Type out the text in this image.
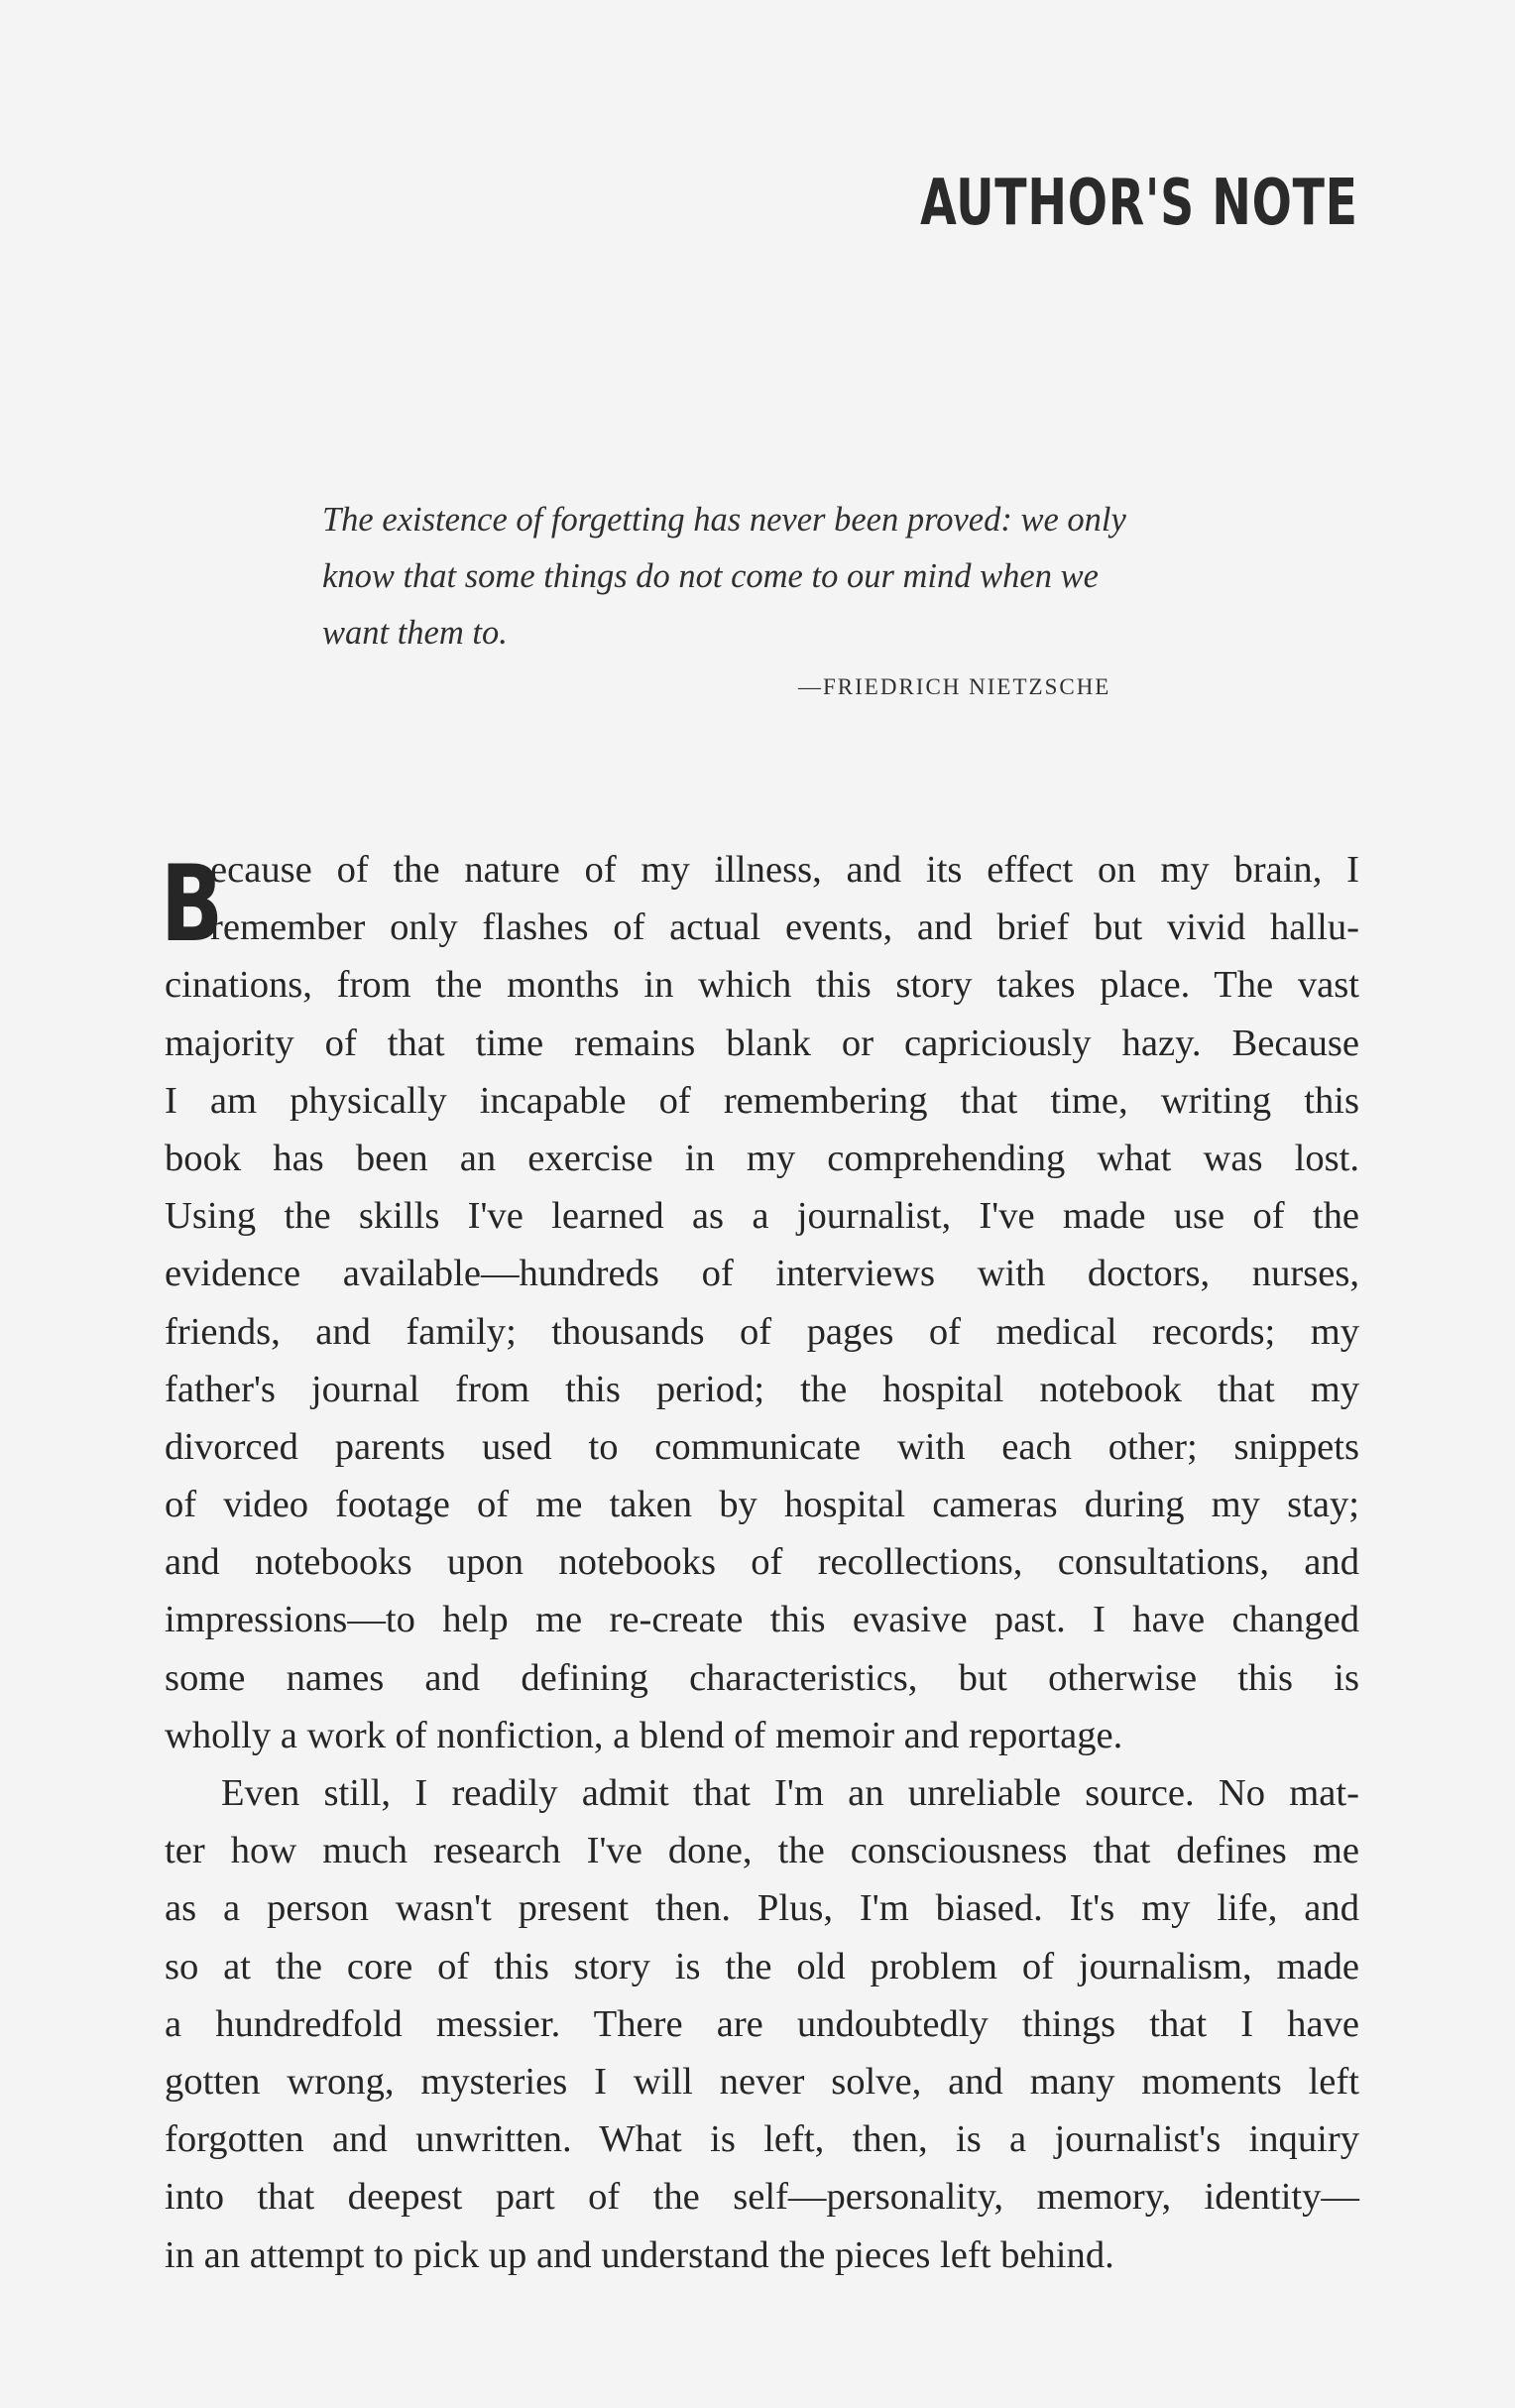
AUTHOR'S NOTE
The existence of forgetting has never been proved: we only
know that some things do not come to our mind when we
want them to.
—FRIEDRICH NIETZSCHE
B
ecause of the nature of my illness, and its effect on my brain, I
remember only flashes of actual events, and brief but vivid hallu-
cinations, from the months in which this story takes place. The vast
majority of that time remains blank or capriciously hazy. Because
I am physically incapable of remembering that time, writing this
book has been an exercise in my comprehending what was lost.
Using the skills I've learned as a journalist, I've made use of the
evidence available—hundreds of interviews with doctors, nurses,
friends, and family; thousands of pages of medical records; my
father's journal from this period; the hospital notebook that my
divorced parents used to communicate with each other; snippets
of video footage of me taken by hospital cameras during my stay;
and notebooks upon notebooks of recollections, consultations, and
impressions—to help me re-create this evasive past. I have changed
some names and defining characteristics, but otherwise this is
wholly a work of nonfiction, a blend of memoir and reportage.
Even still, I readily admit that I'm an unreliable source. No mat-
ter how much research I've done, the consciousness that defines me
as a person wasn't present then. Plus, I'm biased. It's my life, and
so at the core of this story is the old problem of journalism, made
a hundredfold messier. There are undoubtedly things that I have
gotten wrong, mysteries I will never solve, and many moments left
forgotten and unwritten. What is left, then, is a journalist's inquiry
into that deepest part of the self—personality, memory, identity—
in an attempt to pick up and understand the pieces left behind.
